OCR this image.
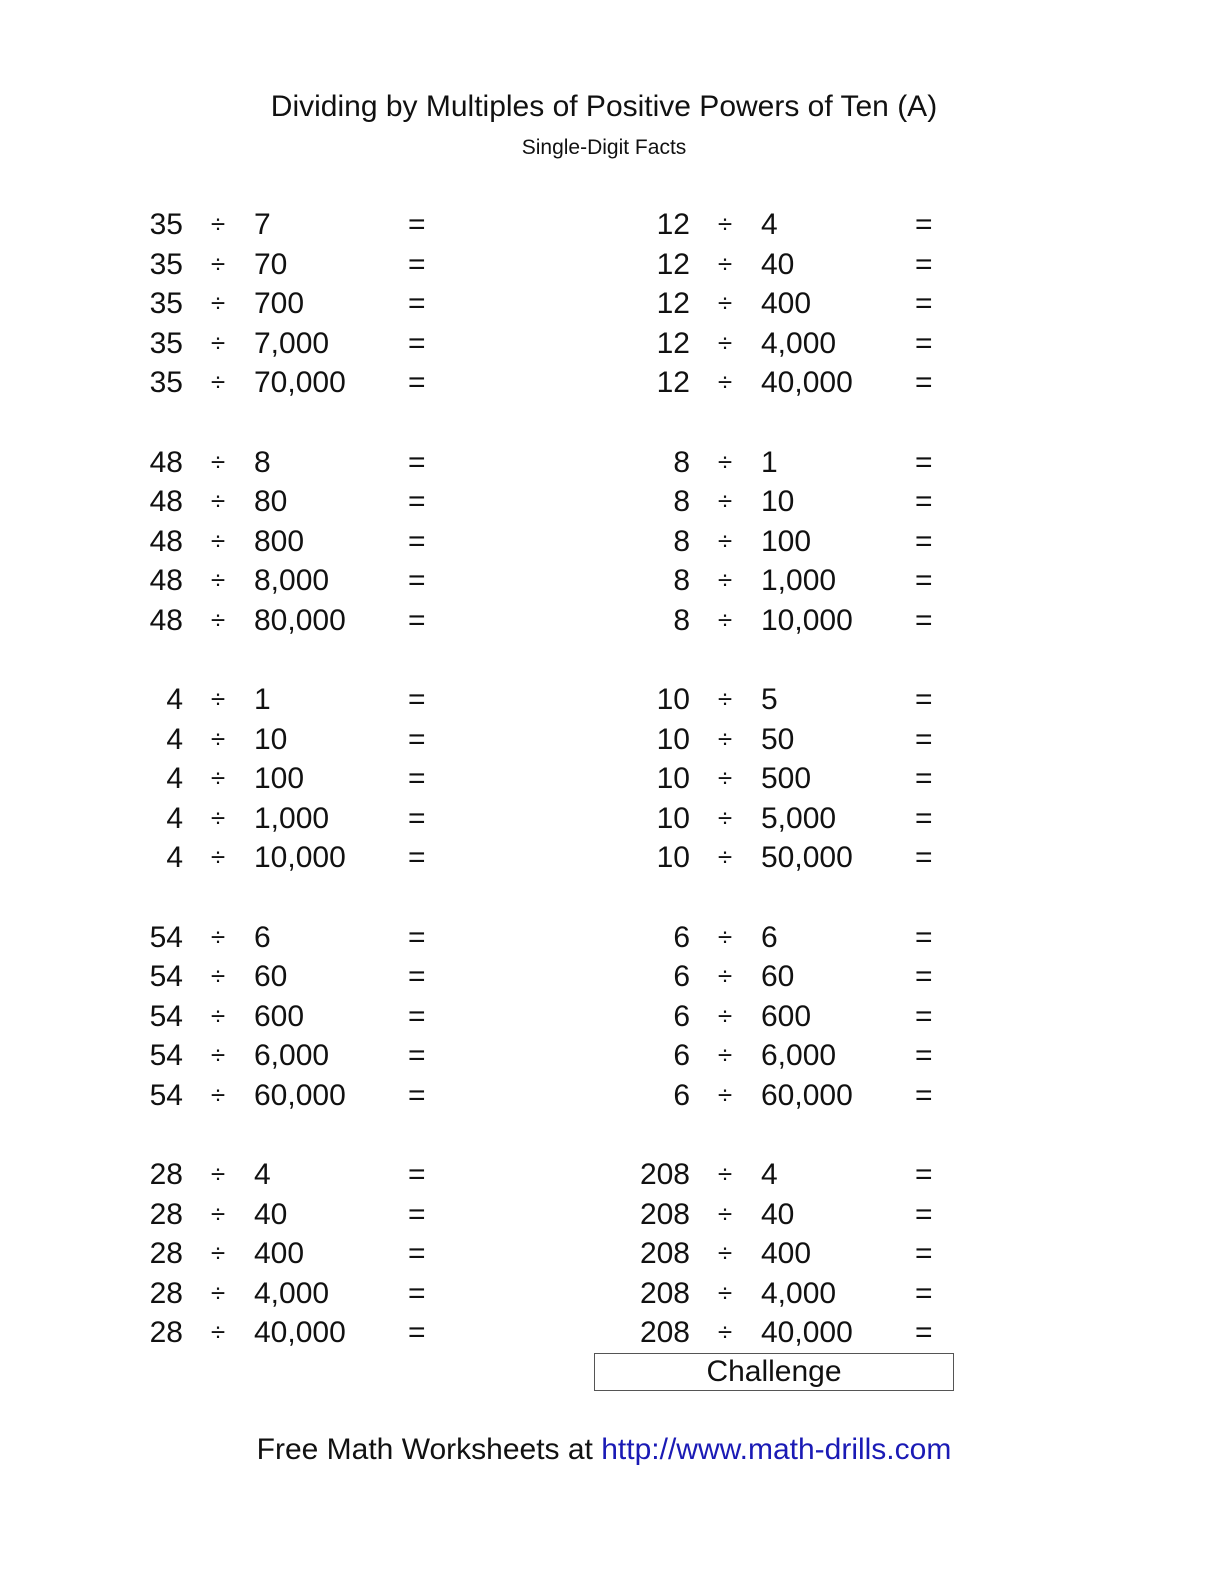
Dividing by Multiples of Positive Powers of Ten (A)
Single-Digit Facts
35 ÷ 7	=
35 ÷ 70	=
35 ÷ 700	=
35 ÷ 7,000	=
35 ÷ 70,000 =
48 ÷ 8	=
48 ÷ 80	=
48 ÷ 800	=
48 ÷ 8,000	=
48 ÷ 80,000 =
4 ÷ 1	=
4 ÷ 10	=
4 ÷ 100	=
4 ÷ 1,000	=
4 ÷ 10,000 =
54 ÷ 6	=
54 ÷ 60	=
54 ÷ 600	=
54 ÷ 6,000	=
54 ÷ 60,000 =
28 ÷ 4	=
28 ÷ 40	=
28 ÷ 400	=
28 ÷ 4,000	=
28 ÷ 40,000 =
12 ÷ 4	=
12 ÷ 40	=
12 ÷ 400	=
12 ÷ 4,000	=
12 ÷ 40,000 =
8 ÷ 1	=
8 ÷ 10	=
8 ÷ 100	=
8 ÷ 1,000	=
8 ÷ 10,000 =
10 ÷ 5	=
10 ÷ 50	=
10 ÷ 500	=
10 ÷ 5,000	=
10 ÷ 50,000 =
6 ÷ 6	=
6 ÷ 60	=
6 ÷ 600	=
6 ÷ 6,000	=
6 ÷ 60,000 =
208 ÷ 4	=
208 ÷ 40	=
208 ÷ 400	=
208 ÷ 4,000	=
208 ÷ 40,000 =
Challenge
Free Math Worksheets at http://www.math-drills.com
